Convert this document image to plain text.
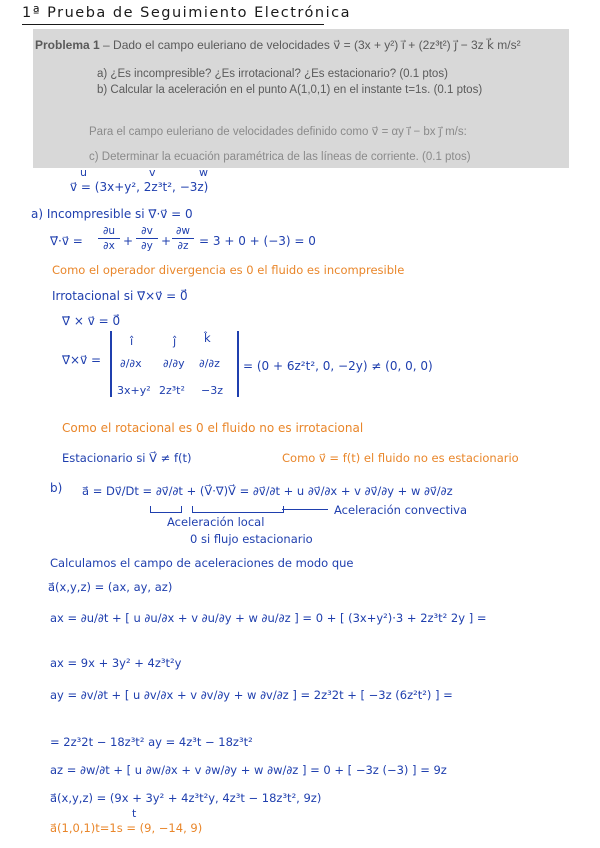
1ª Prueba de Seguimiento Electrónica
Problema 1 – Dado el campo euleriano de velocidades v⃗ = (3x + y²) ı⃗ + (2z³t²) ȷ⃗ − 3z k⃗ m/s²
a) ¿Es incompresible? ¿Es irrotacional? ¿Es estacionario? (0.1 ptos)
b) Calcular la aceleración en el punto A(1,0,1) en el instante t=1s. (0.1 ptos)
Para el campo euleriano de velocidades definido como v⃗ = αy ı⃗ − bx ȷ⃗ m/s:
c) Determinar la ecuación paramétrica de las líneas de corriente. (0.1 ptos)
u	v	w
v⃗ = (3x+y², 2z³t², −3z)
a) Incompresible si ∇⃗·v⃗ = 0
∇⃗·v⃗ =
∂u
∂x +
∂v
∂y +
∂w
∂z = 3 + 0 + (−3) = 0
Como el operador divergencia es 0 el fluido es incompresible
Irrotacional si ∇⃗×v⃗ = 0⃗
∇⃗ × v⃗ = 0⃗
∇⃗×v⃗ =
ı̂	ȷ̂ k̂
∂/∂x ∂/∂y ∂/∂z
3x+y² 2z³t² −3z
= (0 + 6z²t², 0, −2y) ≠ (0, 0, 0)
Como el rotacional es 0 el fluido no es irrotacional
Estacionario si V⃗ ≠ f(t)	Como v⃗ = f(t) el fluido no es estacionario
b) a⃗ = Dv⃗/Dt = ∂v⃗/∂t + (V⃗·∇)V⃗ = ∂v⃗/∂t + u ∂v⃗/∂x + v ∂v⃗/∂y + w ∂v⃗/∂z
Aceleración local
Aceleración convectiva
0 si flujo estacionario
Calculamos el campo de aceleraciones de modo que
a⃗(x,y,z) = (ax, ay, az)
ax = ∂u/∂t + [ u ∂u/∂x + v ∂u/∂y + w ∂u/∂z ] = 0 + [ (3x+y²)·3 + 2z³t² 2y ] =
ax = 9x + 3y² + 4z³t²y
ay = ∂v/∂t + [ u ∂v/∂x + v ∂v/∂y + w ∂v/∂z ] = 2z³2t + [ −3z (6z²t²) ] =
= 2z³2t − 18z³t² ay = 4z³t − 18z³t²
az = ∂w/∂t + [ u ∂w/∂x + v ∂w/∂y + w ∂w/∂z ] = 0 + [ −3z (−3) ] = 9z
a⃗(x,y,z) = (9x + 3y² + 4z³t²y, 4z³t − 18z³t², 9z)
t
a⃗(1,0,1)t=1s = (9, −14, 9)
